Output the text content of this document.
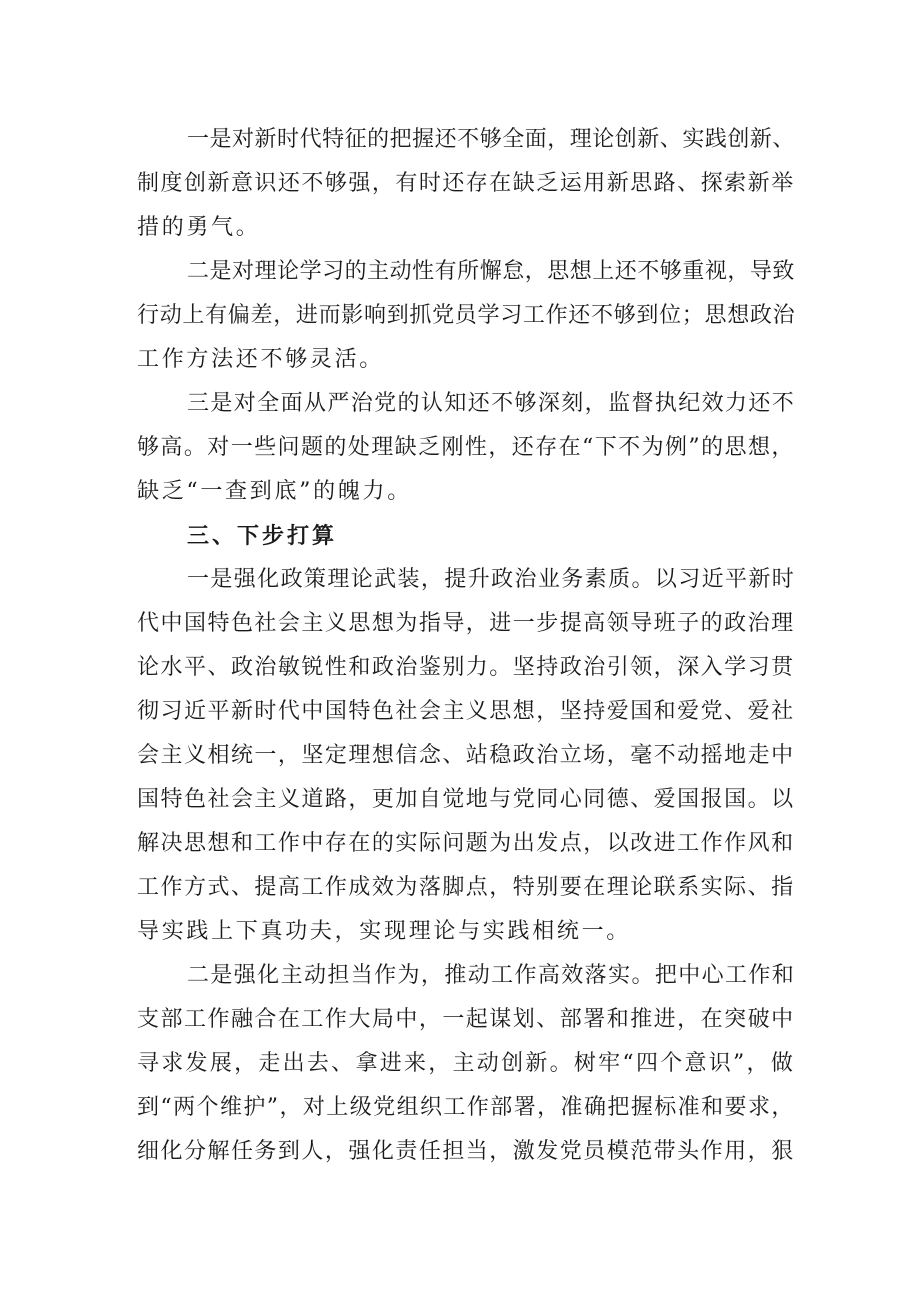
一是对新时代特征的把握还不够全面，理论创新、实践创新、
制度创新意识还不够强，有时还存在缺乏运用新思路、探索新举
措的勇气。
二是对理论学习的主动性有所懈怠，思想上还不够重视，导致
行动上有偏差，进而影响到抓党员学习工作还不够到位；思想政治
工作方法还不够灵活。
三是对全面从严治党的认知还不够深刻，监督执纪效力还不
够高。对一些问题的处理缺乏刚性，还存在“下不为例”的思想，
缺乏“一查到底”的魄力。
三、下步打算
一是强化政策理论武装，提升政治业务素质。以习近平新时
代中国特色社会主义思想为指导，进一步提高领导班子的政治理
论水平、政治敏锐性和政治鉴别力。坚持政治引领，深入学习贯
彻习近平新时代中国特色社会主义思想，坚持爱国和爱党、爱社
会主义相统一，坚定理想信念、站稳政治立场，毫不动摇地走中
国特色社会主义道路，更加自觉地与党同心同德、爱国报国。以
解决思想和工作中存在的实际问题为出发点，以改进工作作风和
工作方式、提高工作成效为落脚点，特别要在理论联系实际、指
导实践上下真功夫，实现理论与实践相统一。
二是强化主动担当作为，推动工作高效落实。把中心工作和
支部工作融合在工作大局中，一起谋划、部署和推进，在突破中
寻求发展，走出去、拿进来，主动创新。树牢“四个意识”，做
到“两个维护”，对上级党组织工作部署，准确把握标准和要求，
细化分解任务到人，强化责任担当，激发党员模范带头作用，狠
